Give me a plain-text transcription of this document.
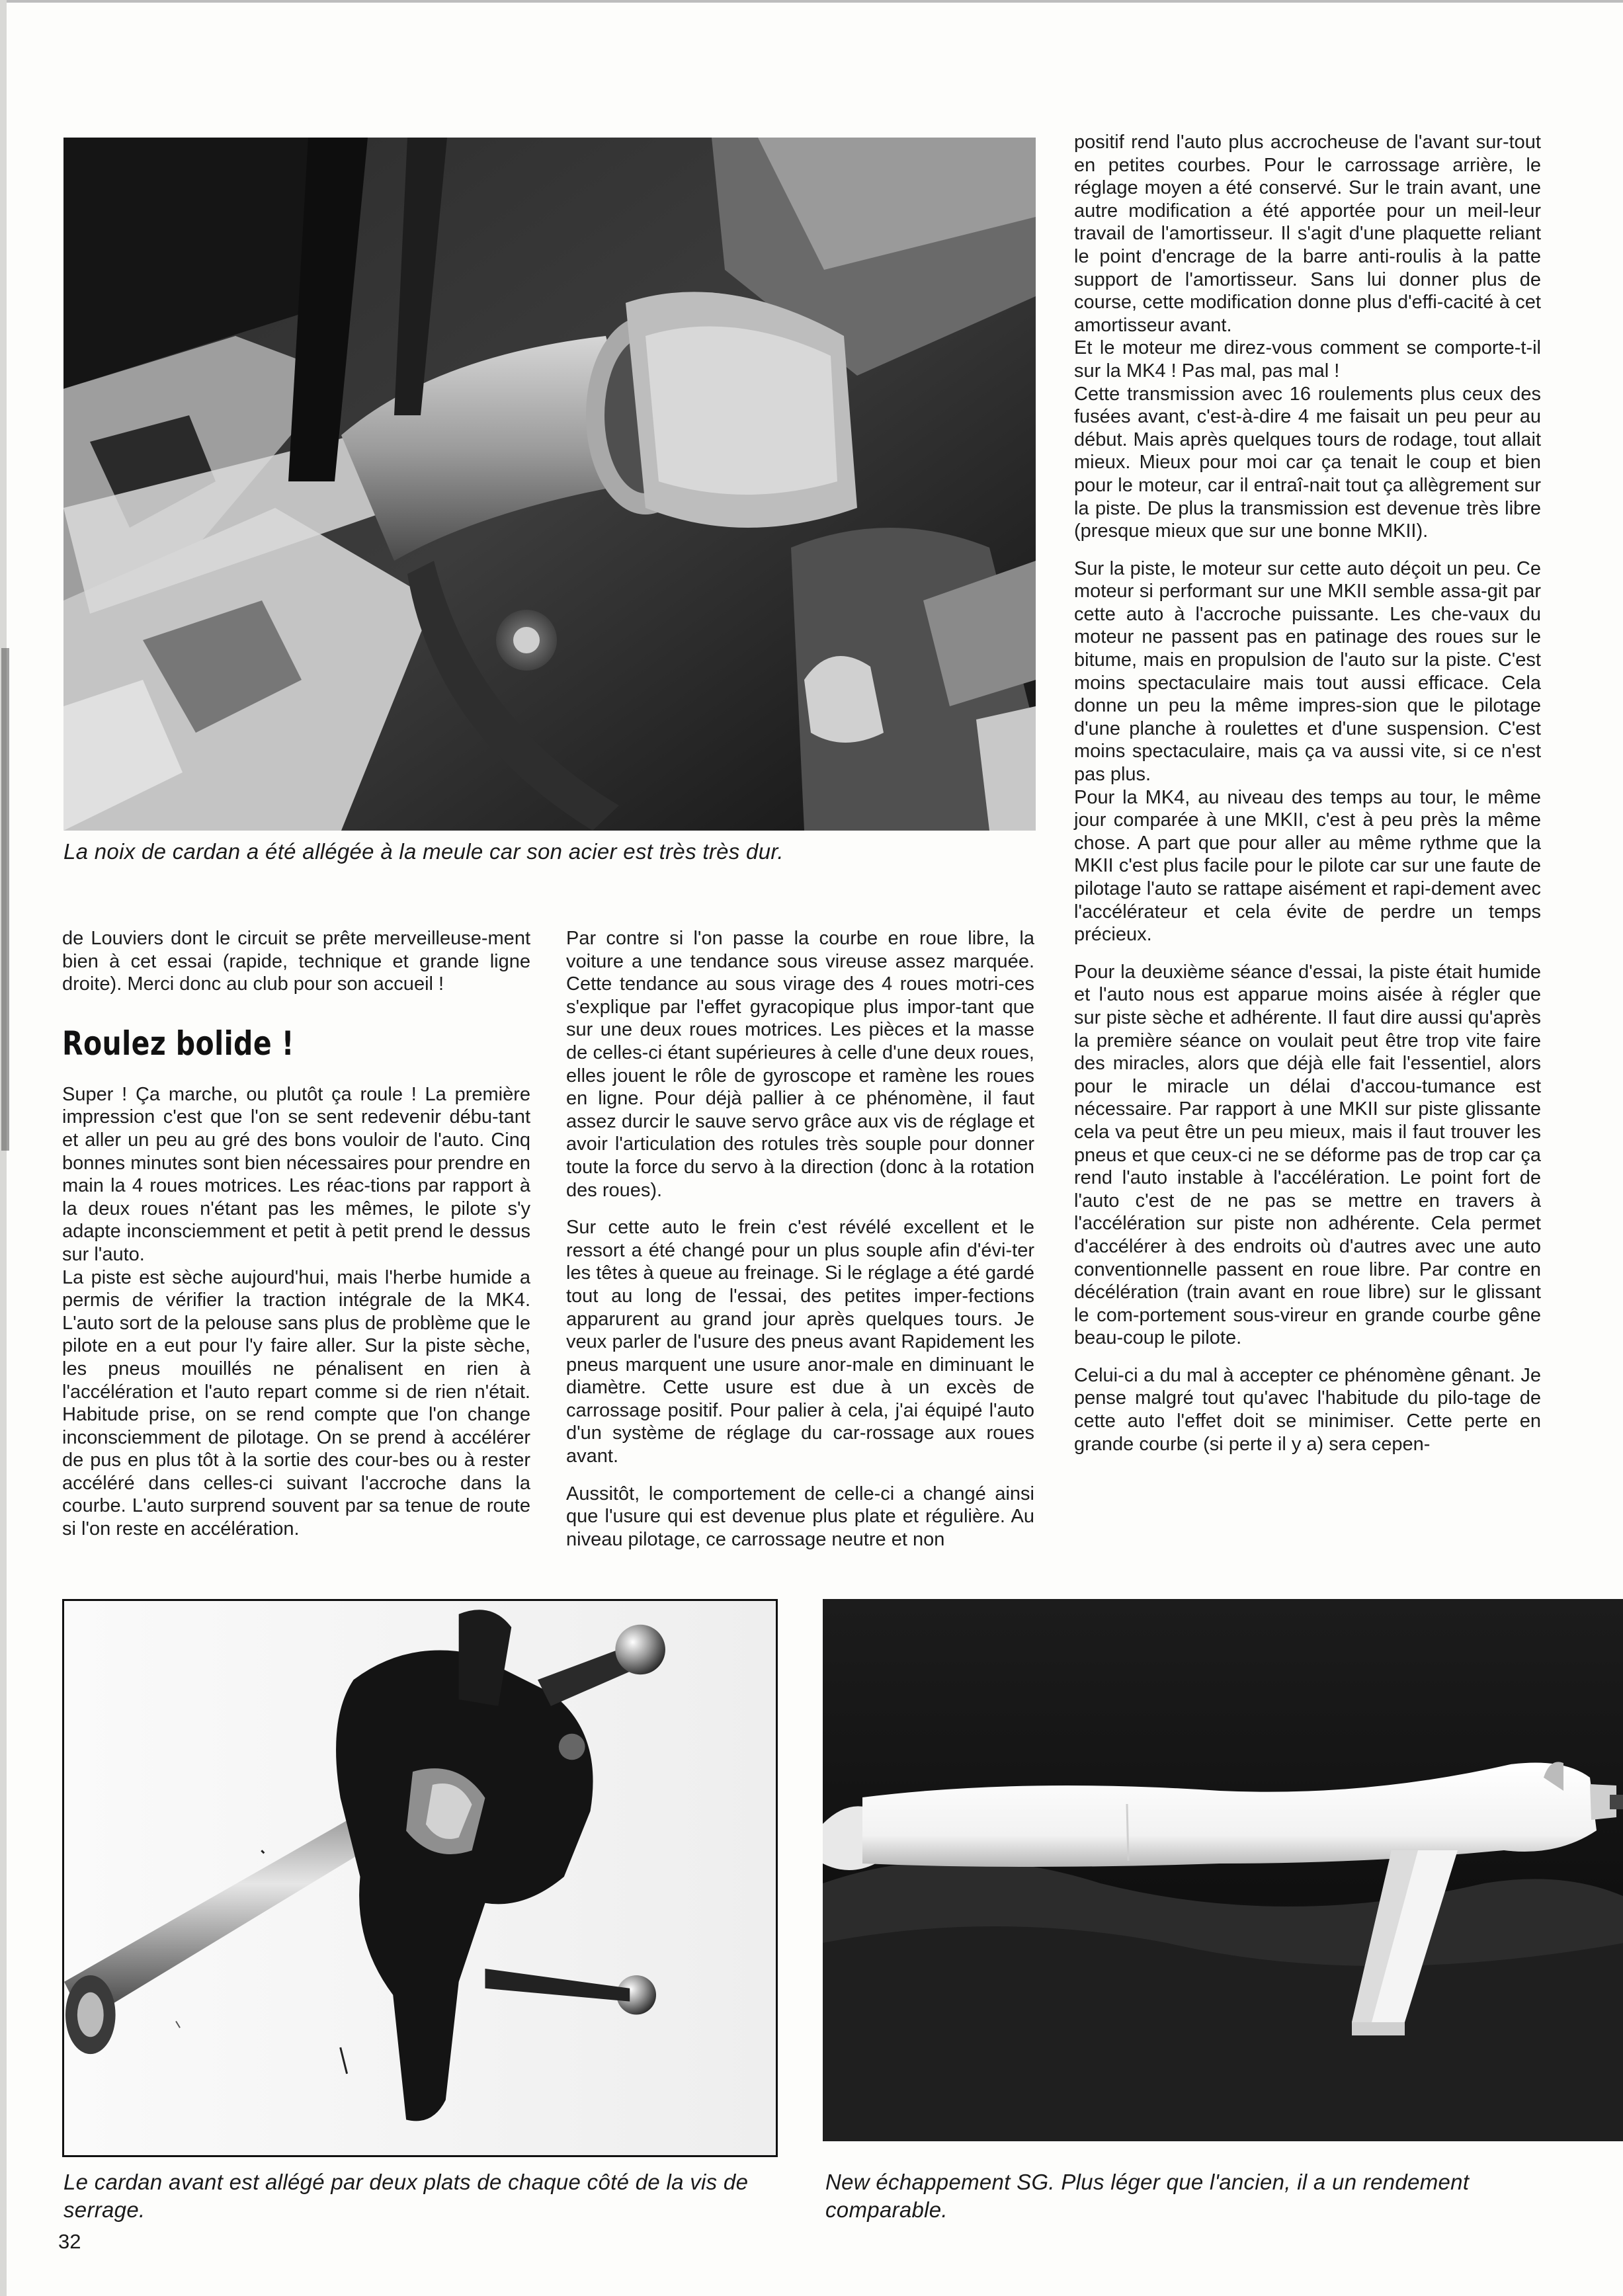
La noix de cardan a été allégée à la meule car son acier est très très dur.

de Louviers dont le circuit se prête merveilleuse-ment bien à cet essai (rapide, technique et grande ligne droite). Merci donc au club pour son accueil !

Roulez bolide !

Super ! Ça marche, ou plutôt ça roule ! La première impression c'est que l'on se sent redevenir débu-tant et aller un peu au gré des bons vouloir de l'auto. Cinq bonnes minutes sont bien nécessaires pour prendre en main la 4 roues motrices. Les réac-tions par rapport à la deux roues n'étant pas les mêmes, le pilote s'y adapte inconsciemment et petit à petit prend le dessus sur l'auto.

La piste est sèche aujourd'hui, mais l'herbe humide a permis de vérifier la traction intégrale de la MK4. L'auto sort de la pelouse sans plus de problème que le pilote en a eut pour l'y faire aller. Sur la piste sèche, les pneus mouillés ne pénalisent en rien à l'accélération et l'auto repart comme si de rien n'était. Habitude prise, on se rend compte que l'on change inconsciemment de pilotage. On se prend à accélérer de pus en plus tôt à la sortie des cour-bes ou à rester accéléré dans celles-ci suivant l'accroche dans la courbe. L'auto surprend souvent par sa tenue de route si l'on reste en accélération.

Par contre si l'on passe la courbe en roue libre, la voiture a une tendance sous vireuse assez marquée. Cette tendance au sous virage des 4 roues motri-ces s'explique par l'effet gyracopique plus impor-tant que sur une deux roues motrices. Les pièces et la masse de celles-ci étant supérieures à celle d'une deux roues, elles jouent le rôle de gyroscope et ramène les roues en ligne. Pour déjà pallier à ce phénomène, il faut assez durcir le sauve servo grâce aux vis de réglage et avoir l'articulation des rotules très souple pour donner toute la force du servo à la direction (donc à la rotation des roues).

Sur cette auto le frein c'est révélé excellent et le ressort a été changé pour un plus souple afin d'évi-ter les têtes à queue au freinage. Si le réglage a été gardé tout au long de l'essai, des petites imper-fections apparurent au grand jour après quelques tours. Je veux parler de l'usure des pneus avant Rapidement les pneus marquent une usure anor-male en diminuant le diamètre. Cette usure est due à un excès de carrossage positif. Pour palier à cela, j'ai équipé l'auto d'un système de réglage du car-rossage aux roues avant.

Aussitôt, le comportement de celle-ci a changé ainsi que l'usure qui est devenue plus plate et régulière. Au niveau pilotage, ce carrossage neutre et non

positif rend l'auto plus accrocheuse de l'avant sur-tout en petites courbes. Pour le carrossage arrière, le réglage moyen a été conservé. Sur le train avant, une autre modification a été apportée pour un meil-leur travail de l'amortisseur. Il s'agit d'une plaquette reliant le point d'encrage de la barre anti-roulis à la patte support de l'amortisseur. Sans lui donner plus de course, cette modification donne plus d'effi-cacité à cet amortisseur avant.

Et le moteur me direz-vous comment se comporte-t-il sur la MK4 ! Pas mal, pas mal !

Cette transmission avec 16 roulements plus ceux des fusées avant, c'est-à-dire 4 me faisait un peu peur au début. Mais après quelques tours de rodage, tout allait mieux. Mieux pour moi car ça tenait le coup et bien pour le moteur, car il entraî-nait tout ça allègrement sur la piste. De plus la transmission est devenue très libre (presque mieux que sur une bonne MKII).

Sur la piste, le moteur sur cette auto déçoit un peu. Ce moteur si performant sur une MKII semble assa-git par cette auto à l'accroche puissante. Les che-vaux du moteur ne passent pas en patinage des roues sur le bitume, mais en propulsion de l'auto sur la piste. C'est moins spectaculaire mais tout aussi efficace. Cela donne un peu la même impres-sion que le pilotage d'une planche à roulettes et d'une suspension. C'est moins spectaculaire, mais ça va aussi vite, si ce n'est pas plus.

Pour la MK4, au niveau des temps au tour, le même jour comparée à une MKII, c'est à peu près la même chose. A part que pour aller au même rythme que la MKII c'est plus facile pour le pilote car sur une faute de pilotage l'auto se rattape aisément et rapi-dement avec l'accélérateur et cela évite de perdre un temps précieux.

Pour la deuxième séance d'essai, la piste était humide et l'auto nous est apparue moins aisée à régler que sur piste sèche et adhérente. Il faut dire aussi qu'après la première séance on voulait peut être trop vite faire des miracles, alors que déjà elle fait l'essentiel, alors pour le miracle un délai d'accou-tumance est nécessaire. Par rapport à une MKII sur piste glissante cela va peut être un peu mieux, mais il faut trouver les pneus et que ceux-ci ne se déforme pas de trop car ça rend l'auto instable à l'accélération. Le point fort de l'auto c'est de ne pas se mettre en travers à l'accélération sur piste non adhérente. Cela permet d'accélérer à des endroits où d'autres avec une auto conventionnelle passent en roue libre. Par contre en décélération (train avant en roue libre) sur le glissant le com-portement sous-vireur en grande courbe gêne beau-coup le pilote.

Celui-ci a du mal à accepter ce phénomène gênant. Je pense malgré tout qu'avec l'habitude du pilo-tage de cette auto l'effet doit se minimiser. Cette perte en grande courbe (si perte il y a) sera cepen-

Le cardan avant est allégé par deux plats de chaque côté de la vis de serrage.
New échappement SG. Plus léger que l'ancien, il a un rendement comparable.
32
